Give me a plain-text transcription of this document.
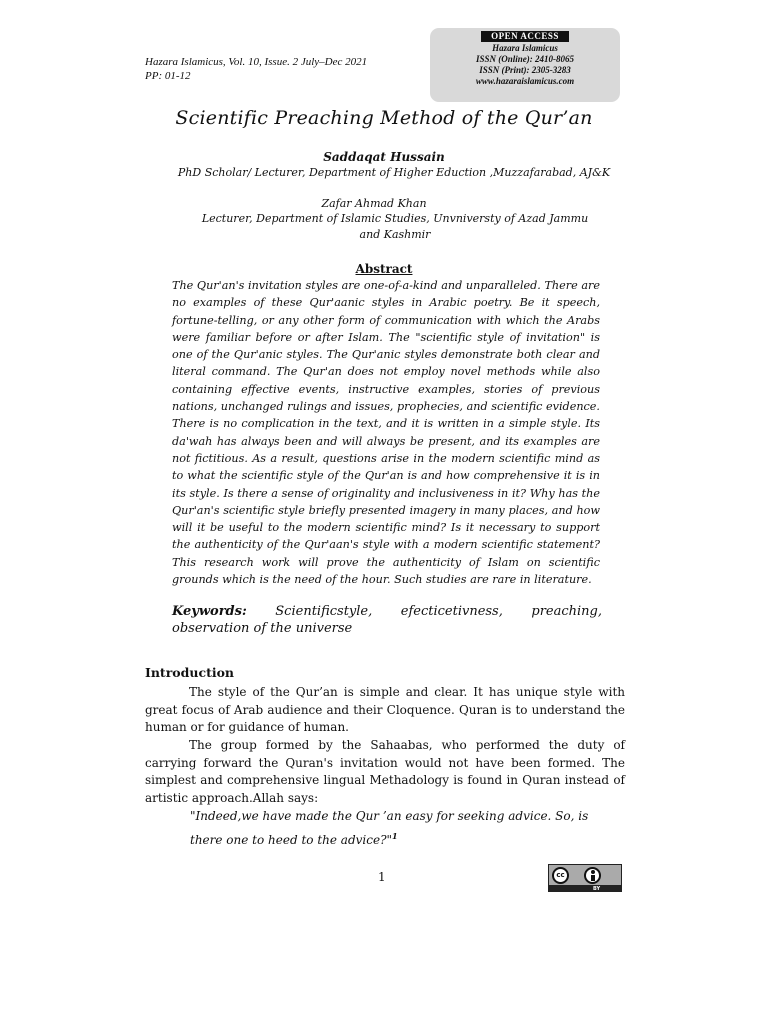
Hazara Islamicus, Vol. 10, Issue. 2 July–Dec 2021
PP: 01-12
OPEN ACCESS
Hazara Islamicus
ISSN (Online): 2410-8065
ISSN (Print): 2305-3283
www.hazaraislamicus.com
Scientific Preaching Method of the Qur’an
Saddaqat Hussain
PhD Scholar/ Lecturer, Department of Higher Eduction ,Muzzafarabad, AJ&K
Zafar Ahmad Khan
Lecturer, Department of Islamic Studies, Unvniversty of Azad Jammu and Kashmir
Abstract
The Qur'an's invitation styles are one-of-a-kind and unparalleled. There are no examples of these Qur'aanic styles in Arabic poetry. Be it speech, fortune-telling, or any other form of communication with which the Arabs were familiar before or after Islam. The "scientific style of invitation" is one of the Qur'anic styles. The Qur'anic styles demonstrate both clear and literal command. The Qur'an does not employ novel methods while also containing effective events, instructive examples, stories of previous nations, unchanged rulings and issues, prophecies, and scientific evidence. There is no complication in the text, and it is written in a simple style. Its da'wah has always been and will always be present, and its examples are not fictitious. As a result, questions arise in the modern scientific mind as to what the scientific style of the Qur'an is and how comprehensive it is in its style. Is there a sense of originality and inclusiveness in it? Why has the Qur'an's scientific style briefly presented imagery in many places, and how will it be useful to the modern scientific mind? Is it necessary to support the authenticity of the Qur'aan's style with a modern scientific statement? This research work will prove the authenticity of Islam on scientific grounds which is the need of the hour. Such studies are rare in literature.
Keywords: Scientificstyle, efecticetivness, preaching, observation of the universe
Introduction
The style of the Qur’an is simple and clear. It has unique style with great focus of Arab audience and their Cloquence. Quran is to understand the human or for guidance of human.
The group formed by the Sahaabas, who performed the duty of carrying forward the Quran's invitation would not have been formed. The simplest and comprehensive lingual Methadology is found in Quran instead of artistic approach.Allah says:
"Indeed,we have made the Qur ’an easy for seeking advice. So, is there one to heed to the advice?"$^1$
1	cc
BY
